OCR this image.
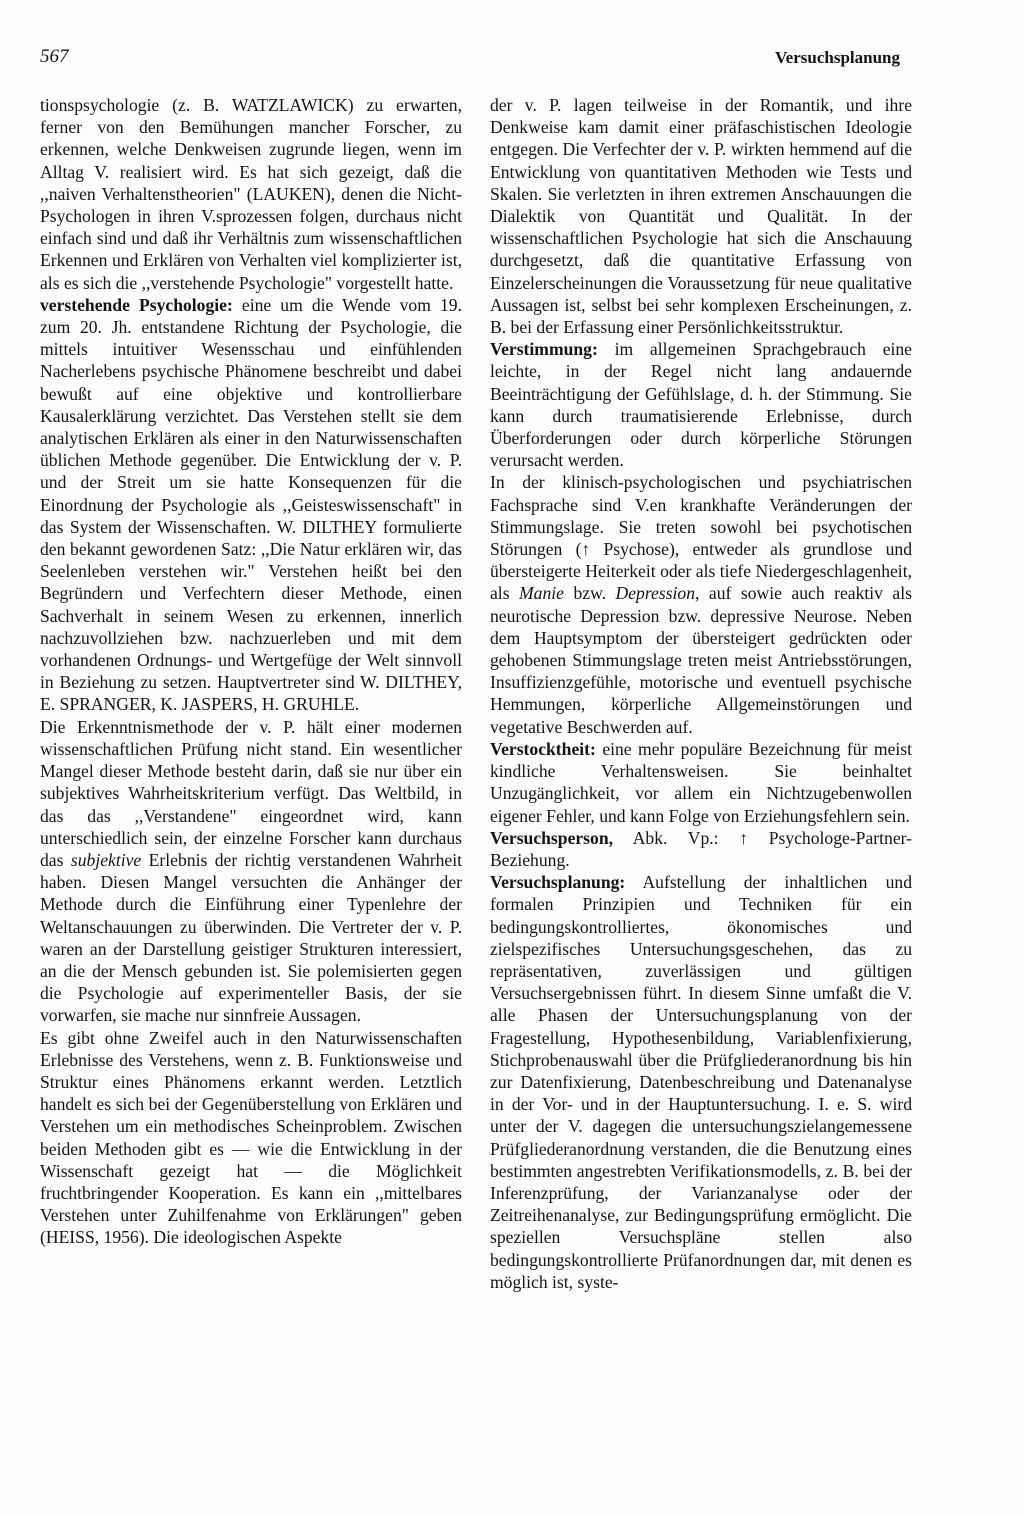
567	Versuchsplanung

tionspsychologie (z. B. WATZLAWICK) zu erwarten, ferner von den Bemühungen mancher Forscher, zu erkennen, welche Denkweisen zugrunde liegen, wenn im Alltag V. realisiert wird. Es hat sich gezeigt, daß die ,,naiven Verhaltenstheorien" (LAUKEN), denen die Nicht-Psychologen in ihren V.sprozessen folgen, durchaus nicht einfach sind und daß ihr Verhältnis zum wissenschaftlichen Erkennen und Erklären von Verhalten viel komplizierter ist, als es sich die ,,verstehende Psychologie" vorgestellt hatte.

verstehende Psychologie: eine um die Wende vom 19. zum 20. Jh. entstandene Richtung der Psychologie, die mittels intuitiver Wesensschau und einfühlenden Nacherlebens psychische Phänomene beschreibt und dabei bewußt auf eine objektive und kontrollierbare Kausalerklärung verzichtet. Das Verstehen stellt sie dem analytischen Erklären als einer in den Naturwissenschaften üblichen Methode gegenüber. Die Entwicklung der v. P. und der Streit um sie hatte Konsequenzen für die Einordnung der Psychologie als ,,Geisteswissenschaft" in das System der Wissenschaften. W. DILTHEY formulierte den bekannt gewordenen Satz: ,,Die Natur erklären wir, das Seelenleben verstehen wir." Verstehen heißt bei den Begründern und Verfechtern dieser Methode, einen Sachverhalt in seinem Wesen zu erkennen, innerlich nachzuvollziehen bzw. nachzuerleben und mit dem vorhandenen Ordnungs- und Wertgefüge der Welt sinnvoll in Beziehung zu setzen. Hauptvertreter sind W. DILTHEY, E. SPRANGER, K. JASPERS, H. GRUHLE.

Die Erkenntnismethode der v. P. hält einer modernen wissenschaftlichen Prüfung nicht stand. Ein wesentlicher Mangel dieser Methode besteht darin, daß sie nur über ein subjektives Wahrheitskriterium verfügt. Das Weltbild, in das das ,,Verstandene" eingeordnet wird, kann unterschiedlich sein, der einzelne Forscher kann durchaus das subjektive Erlebnis der richtig verstandenen Wahrheit haben. Diesen Mangel versuchten die Anhänger der Methode durch die Einführung einer Typenlehre der Weltanschauungen zu überwinden. Die Vertreter der v. P. waren an der Darstellung geistiger Strukturen interessiert, an die der Mensch gebunden ist. Sie polemisierten gegen die Psychologie auf experimenteller Basis, der sie vorwarfen, sie mache nur sinnfreie Aussagen.

Es gibt ohne Zweifel auch in den Naturwissenschaften Erlebnisse des Verstehens, wenn z. B. Funktionsweise und Struktur eines Phänomens erkannt werden. Letztlich handelt es sich bei der Gegenüberstellung von Erklären und Verstehen um ein methodisches Scheinproblem. Zwischen beiden Methoden gibt es — wie die Entwicklung in der Wissenschaft gezeigt hat — die Möglichkeit fruchtbringender Kooperation. Es kann ein ,,mittelbares Verstehen unter Zuhilfenahme von Erklärungen" geben (HEISS, 1956). Die ideologischen Aspekte

der v. P. lagen teilweise in der Romantik, und ihre Denkweise kam damit einer präfaschistischen Ideologie entgegen. Die Verfechter der v. P. wirkten hemmend auf die Entwicklung von quantitativen Methoden wie Tests und Skalen. Sie verletzten in ihren extremen Anschauungen die Dialektik von Quantität und Qualität. In der wissenschaftlichen Psychologie hat sich die Anschauung durchgesetzt, daß die quantitative Erfassung von Einzelerscheinungen die Voraussetzung für neue qualitative Aussagen ist, selbst bei sehr komplexen Erscheinungen, z. B. bei der Erfassung einer Persönlichkeitsstruktur.

Verstimmung: im allgemeinen Sprachgebrauch eine leichte, in der Regel nicht lang andauernde Beeinträchtigung der Gefühlslage, d. h. der Stimmung. Sie kann durch traumatisierende Erlebnisse, durch Überforderungen oder durch körperliche Störungen verursacht werden.

In der klinisch-psychologischen und psychiatrischen Fachsprache sind V.en krankhafte Veränderungen der Stimmungslage. Sie treten sowohl bei psychotischen Störungen (↑ Psychose), entweder als grundlose und übersteigerte Heiterkeit oder als tiefe Niedergeschlagenheit, als Manie bzw. Depression, auf sowie auch reaktiv als neurotische Depression bzw. depressive Neurose. Neben dem Hauptsymptom der übersteigert gedrückten oder gehobenen Stimmungslage treten meist Antriebsstörungen, Insuffizienzgefühle, motorische und eventuell psychische Hemmungen, körperliche Allgemeinstörungen und vegetative Beschwerden auf.

Verstocktheit: eine mehr populäre Bezeichnung für meist kindliche Verhaltensweisen. Sie beinhaltet Unzugänglichkeit, vor allem ein Nichtzugebenwollen eigener Fehler, und kann Folge von Erziehungsfehlern sein.

Versuchsperson, Abk. Vp.: ↑ Psychologe-Partner-Beziehung.

Versuchsplanung: Aufstellung der inhaltlichen und formalen Prinzipien und Techniken für ein bedingungskontrolliertes, ökonomisches und zielspezifisches Untersuchungsgeschehen, das zu repräsentativen, zuverlässigen und gültigen Versuchsergebnissen führt. In diesem Sinne umfaßt die V. alle Phasen der Untersuchungsplanung von der Fragestellung, Hypothesenbildung, Variablenfixierung, Stichprobenauswahl über die Prüfgliederanordnung bis hin zur Datenfixierung, Datenbeschreibung und Datenanalyse in der Vor- und in der Hauptuntersuchung. I. e. S. wird unter der V. dagegen die untersuchungszielangemessene Prüfgliederanordnung verstanden, die die Benutzung eines bestimmten angestrebten Verifikationsmodells, z. B. bei der Inferenzprüfung, der Varianzanalyse oder der Zeitreihenanalyse, zur Bedingungsprüfung ermöglicht. Die speziellen Versuchspläne stellen also bedingungskontrollierte Prüfanordnungen dar, mit denen es möglich ist, syste-
